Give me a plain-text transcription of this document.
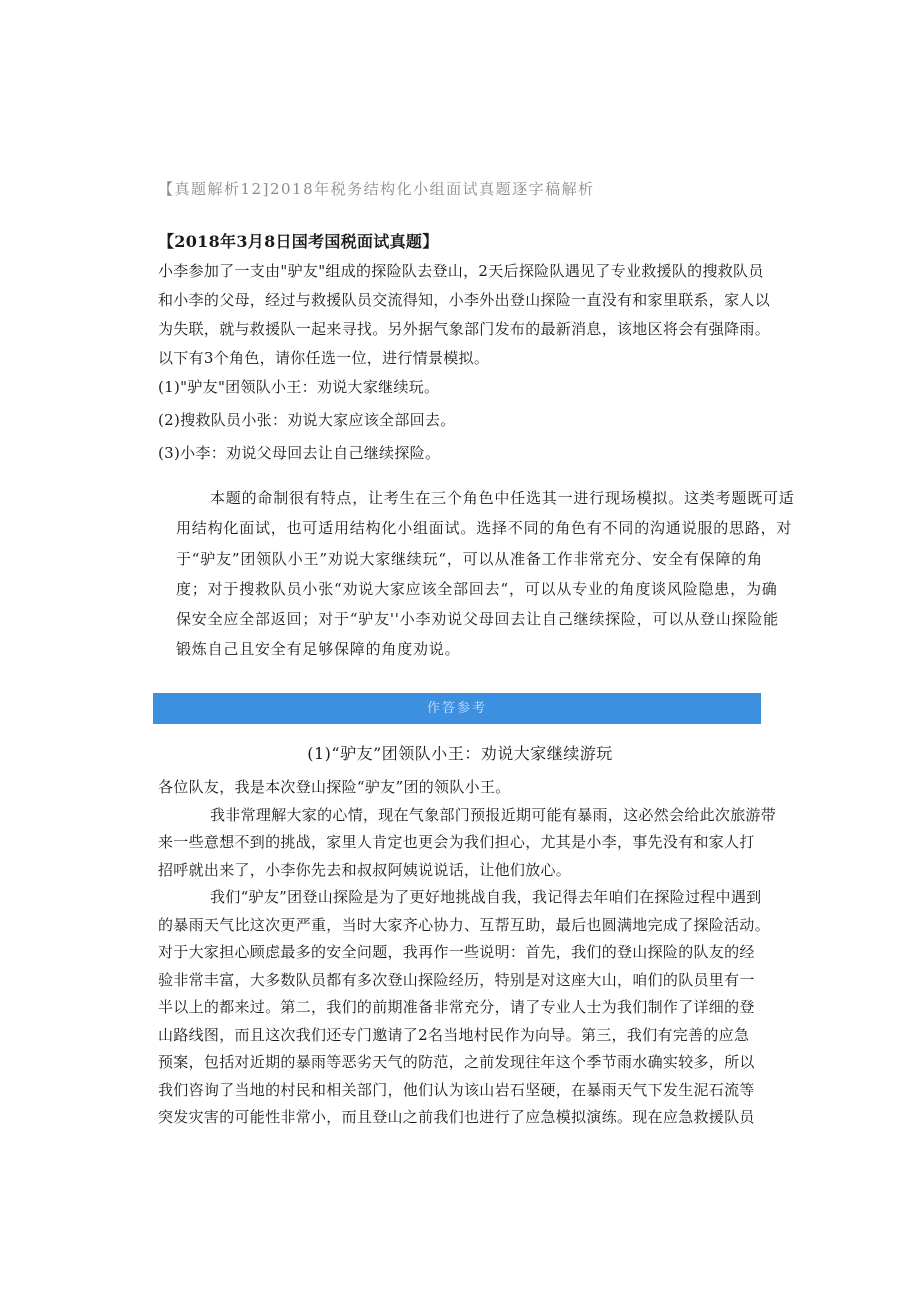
【真题解析12]2018年税务结构化小组面试真题逐字稿解析
【2018年3月8日国考国税面试真题】
小李参加了一支由"驴友"组成的探险队去登山，2天后探险队遇见了专业救援队的搜救队员
和小李的父母，经过与救援队员交流得知，小李外出登山探险一直没有和家里联系，家人以
为失联，就与救援队一起来寻找。另外据气象部门发布的最新消息，该地区将会有强降雨。
以下有3个角色，请你任选一位，进行情景模拟。
(1)"驴友"团领队小王：劝说大家继续玩。
(2)搜救队员小张：劝说大家应该全部回去。
(3)小李：劝说父母回去让自己继续探险。
本题的命制很有特点，让考生在三个角色中任选其一进行现场模拟。这类考题既可适
用结构化面试，也可适用结构化小组面试。选择不同的角色有不同的沟通说服的思路，对
于“驴友”团领队小王”劝说大家继续玩“，可以从准备工作非常充分、安全有保障的角
度；对于搜救队员小张“劝说大家应该全部回去“，可以从专业的角度谈风险隐患，为确
保安全应全部返回；对于“驴友''小李劝说父母回去让自己继续探险，可以从登山探险能
锻炼自己且安全有足够保障的角度劝说。
作答参考
(1)“驴友”团领队小王：劝说大家继续游玩
各位队友，我是本次登山探险“驴友”团的领队小王。
我非常理解大家的心情，现在气象部门预报近期可能有暴雨，这必然会给此次旅游带
来一些意想不到的挑战，家里人肯定也更会为我们担心，尤其是小李，事先没有和家人打
招呼就出来了，小李你先去和叔叔阿姨说说话，让他们放心。
我们“驴友”团登山探险是为了更好地挑战自我，我记得去年咱们在探险过程中遇到
的暴雨天气比这次更严重，当时大家齐心协力、互帮互助，最后也圆满地完成了探险活动。
对于大家担心顾虑最多的安全问题，我再作一些说明：首先，我们的登山探险的队友的经
验非常丰富，大多数队员都有多次登山探险经历，特别是对这座大山，咱们的队员里有一
半以上的都来过。第二，我们的前期准备非常充分，请了专业人士为我们制作了详细的登
山路线图，而且这次我们还专门邀请了2名当地村民作为向导。第三，我们有完善的应急
预案，包括对近期的暴雨等恶劣天气的防范，之前发现往年这个季节雨水确实较多，所以
我们咨询了当地的村民和相关部门，他们认为该山岩石坚硬，在暴雨天气下发生泥石流等
突发灾害的可能性非常小，而且登山之前我们也进行了应急模拟演练。现在应急救援队员
